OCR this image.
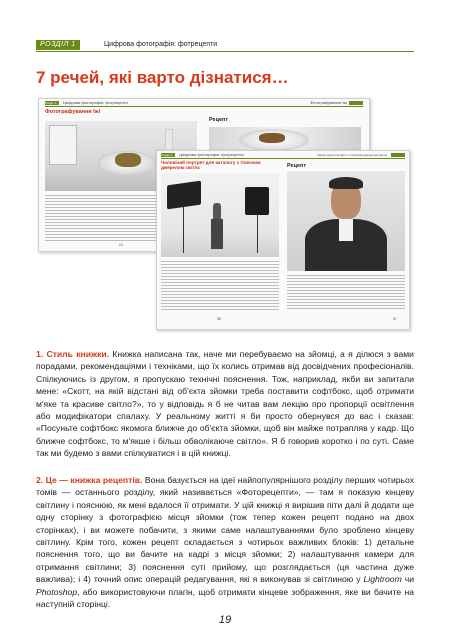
РОЗДІЛ 1	Цифрова фотографія: фотрецепти
7 речей, які варто дізнатися…
Розділ 1 Цифрова фотографія: фотрецепти	Фотографування їжі
Фотографування їжі
Рецепт
24
Розділ 4 Цифрова фотографія: фотрецепти	Кращі портретні фото з тілесним джерелом світла
Чоловічий портрет для каталогу з тілесним джерелом світла	Рецепт
56	57

1. Стиль книжки. Книжка написана так, наче ми перебуваємо на зйомці, а я ділюся з вами порадами, рекомендаціями і техніками, що їх колись отримав від досвідчених професіоналів. Спілкуючись із другом, я пропускаю технічні пояснення. Тож, наприклад, якби ви запитали мене: «Скотт, на якій відстані від об'єкта зйомки треба поставити софтбокс, щоб отримати м'яке та красиве світло?», то у відповідь я б не читав вам лекцію про пропорції освітлення або модифікатори спалаху. У реальному житті я би просто обернувся до вас і сказав: «Посуньте софтбокс якомога ближче до об'єкта зйомки, щоб він майже потрапляв у кадр. Що ближче софтбокс, то м'якше і більш обволікаюче світло». Я б говорив коротко і по суті. Саме так ми будемо з вами спілкуватися і в цій книжці.

2. Це — книжка рецептів. Вона базується на ідеї найпопулярнішого розділу перших чотирьох томів — останнього розділу, який називається «Фоторецепти», — там я показую кінцеву світлину і пояснюю, як мені вдалося її отримати. У цій книжці я вирішив піти далі й додати ще одну сторінку з фотографією місця зйомки (тож тепер кожен рецепт подано на двох сторінках), і ви можете побачити, з якими саме налаштуваннями було зроблено кінцеву світлину. Крім того, кожен рецепт складається з чотирьох важливих блоків: 1) детальне пояснення того, що ви бачите на кадрі з місця зйомки; 2) налаштування камери для отримання світлини; 3) пояснення суті прийому, що розглядається (ця частина дуже важлива); і 4) точний опис операцій редагування, які я виконував зі світлиною у Lightroom чи Photoshop, або використовуючи плагін, щоб отримати кінцеве зображення, яке ви бачите на наступній сторінці.

19
